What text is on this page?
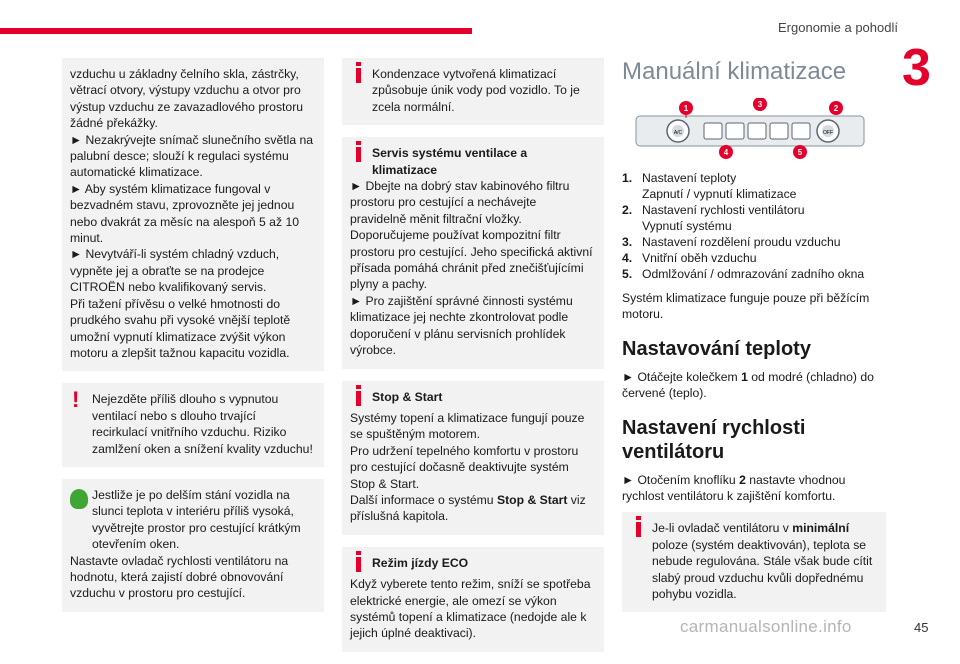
Ergonomie a pohodlí
3

vzduchu u základny čelního skla, zástrčky, větrací otvory, výstupy vzduchu a otvor pro výstup vzduchu ze zavazadlového prostoru žádné překážky.

► Nezakrývejte snímač slunečního světla na palubní desce; slouží k regulaci systému automatické klimatizace.

► Aby systém klimatizace fungoval v bezvadném stavu, zprovozněte jej jednou nebo dvakrát za měsíc na alespoň 5 až 10 minut.

► Nevytváří-li systém chladný vzduch, vypněte jej a obraťte se na prodejce CITROËN nebo kvalifikovaný servis.

Při tažení přívěsu o velké hmotnosti do prudkého svahu při vysoké vnější teplotě umožní vypnutí klimatizace zvýšit výkon motoru a zlepšit tažnou kapacitu vozidla.

!	Nejezděte příliš dlouho s vypnutou ventilací nebo s dlouho trvající recirkulací vnitřního vzduchu. Riziko zamlžení oken a snížení kvality vzduchu!

Jestliže je po delším stání vozidla na slunci teplota v interiéru příliš vysoká, vyvětrejte prostor pro cestující krátkým otevřením oken.

Nastavte ovladač rychlosti ventilátoru na hodnotu, která zajistí dobré obnovování vzduchu v prostoru pro cestující.

Kondenzace vytvořená klimatizací způsobuje únik vody pod vozidlo. To je zcela normální.

Servis systému ventilace a klimatizace

► Dbejte na dobrý stav kabinového filtru prostoru pro cestující a nechávejte pravidelně měnit filtrační vložky.

Doporučujeme používat kompozitní filtr prostoru pro cestující. Jeho specifická aktivní přísada pomáhá chránit před znečišťujícími plyny a pachy.

► Pro zajištění správné činnosti systému klimatizace jej nechte zkontrolovat podle doporučení v plánu servisních prohlídek výrobce.

Stop & Start

Systémy topení a klimatizace fungují pouze se spuštěným motorem.

Pro udržení tepelného komfortu v prostoru pro cestující dočasně deaktivujte systém Stop & Start.

Další informace o systému Stop & Start viz příslušná kapitola.

Režim jízdy ECO

Když vyberete tento režim, sníží se spotřeba elektrické energie, ale omezí se výkon systémů topení a klimatizace (nedojde ale k jejich úplné deaktivaci).

Manuální klimatizace
A/C	OFF
1	2
3
4	5
1. Nastavení teploty
Zapnutí / vypnutí klimatizace
2. Nastavení rychlosti ventilátoru
Vypnutí systému
3. Nastavení rozdělení proudu vzduchu
4. Vnitřní oběh vzduchu
5. Odmlžování / odmrazování zadního okna

Systém klimatizace funguje pouze při běžícím motoru.

Nastavování teploty

► Otáčejte kolečkem 1 od modré (chladno) do červené (teplo).

Nastavení rychlosti ventilátoru

► Otočením knoflíku 2 nastavte vhodnou rychlost ventilátoru k zajištění komfortu.

Je-li ovladač ventilátoru v minimální poloze (systém deaktivován), teplota se nebude regulována. Stále však bude cítit slabý proud vzduchu kvůli dopřednému pohybu vozidla.

carmanualsonline.info	45
